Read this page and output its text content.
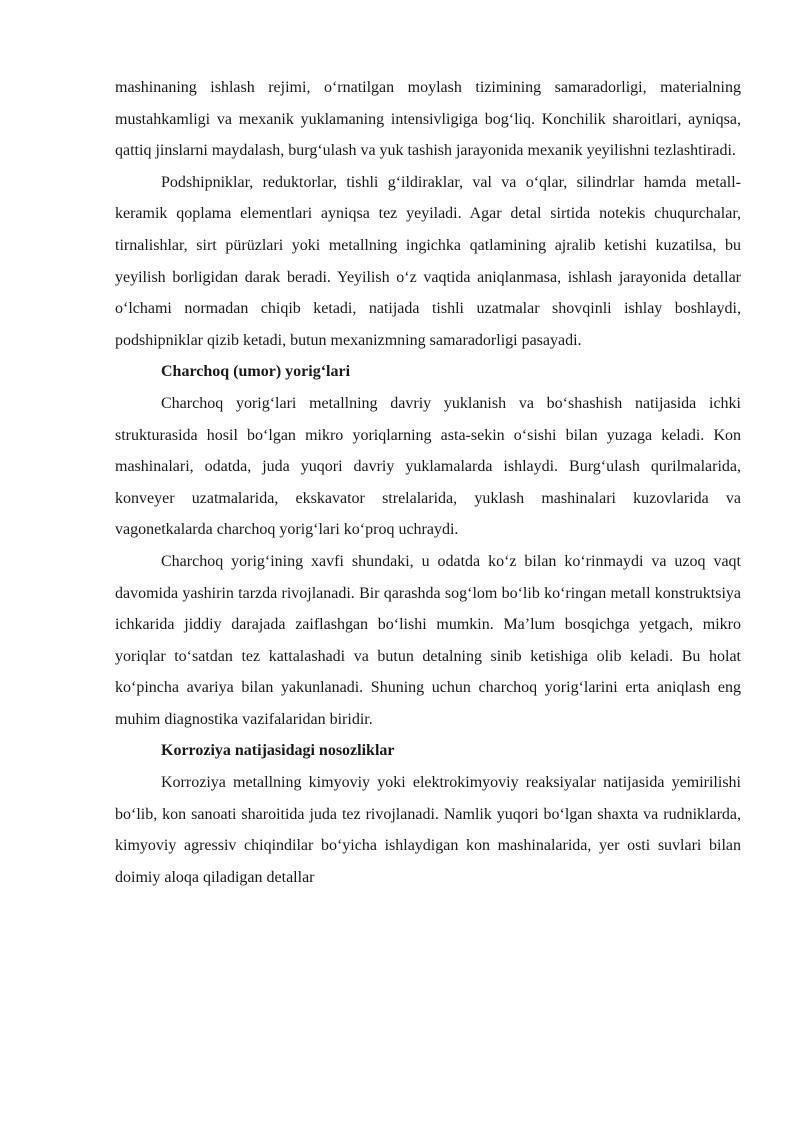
mashinaning ishlash rejimi, o‘rnatilgan moylash tizimining samaradorligi, materialning mustahkamligi va mexanik yuklamaning intensivligiga bog‘liq. Konchilik sharoitlari, ayniqsa, qattiq jinslarni maydalash, burg‘ulash va yuk tashish jarayonida mexanik yeyilishni tezlashtiradi.

Podshipniklar, reduktorlar, tishli g‘ildiraklar, val va o‘qlar, silindrlar hamda metall-keramik qoplama elementlari ayniqsa tez yeyiladi. Agar detal sirtida notekis chuqurchalar, tirnalishlar, sirt pürüzlari yoki metallning ingichka qatlamining ajralib ketishi kuzatilsa, bu yeyilish borligidan darak beradi. Yeyilish o‘z vaqtida aniqlanmasa, ishlash jarayonida detallar o‘lchami normadan chiqib ketadi, natijada tishli uzatmalar shovqinli ishlay boshlaydi, podshipniklar qizib ketadi, butun mexanizmning samaradorligi pasayadi.

Charchoq (umor) yorig‘lari

Charchoq yorig‘lari metallning davriy yuklanish va bo‘shashish natijasida ichki strukturasida hosil bo‘lgan mikro yoriqlarning asta-sekin o‘sishi bilan yuzaga keladi. Kon mashinalari, odatda, juda yuqori davriy yuklamalarda ishlaydi. Burg‘ulash qurilmalarida, konveyer uzatmalarida, ekskavator strelalarida, yuklash mashinalari kuzovlarida va vagonetkalarda charchoq yorig‘lari ko‘proq uchraydi.

Charchoq yorig‘ining xavfi shundaki, u odatda ko‘z bilan ko‘rinmaydi va uzoq vaqt davomida yashirin tarzda rivojlanadi. Bir qarashda sog‘lom bo‘lib ko‘ringan metall konstruktsiya ichkarida jiddiy darajada zaiflashgan bo‘lishi mumkin. Ma’lum bosqichga yetgach, mikro yoriqlar to‘satdan tez kattalashadi va butun detalning sinib ketishiga olib keladi. Bu holat ko‘pincha avariya bilan yakunlanadi. Shuning uchun charchoq yorig‘larini erta aniqlash eng muhim diagnostika vazifalaridan biridir.

Korroziya natijasidagi nosozliklar

Korroziya metallning kimyoviy yoki elektrokimyoviy reaksiyalar natijasida yemirilishi bo‘lib, kon sanoati sharoitida juda tez rivojlanadi. Namlik yuqori bo‘lgan shaxta va rudniklarda, kimyoviy agressiv chiqindilar bo‘yicha ishlaydigan kon mashinalarida, yer osti suvlari bilan doimiy aloqa qiladigan detallar
